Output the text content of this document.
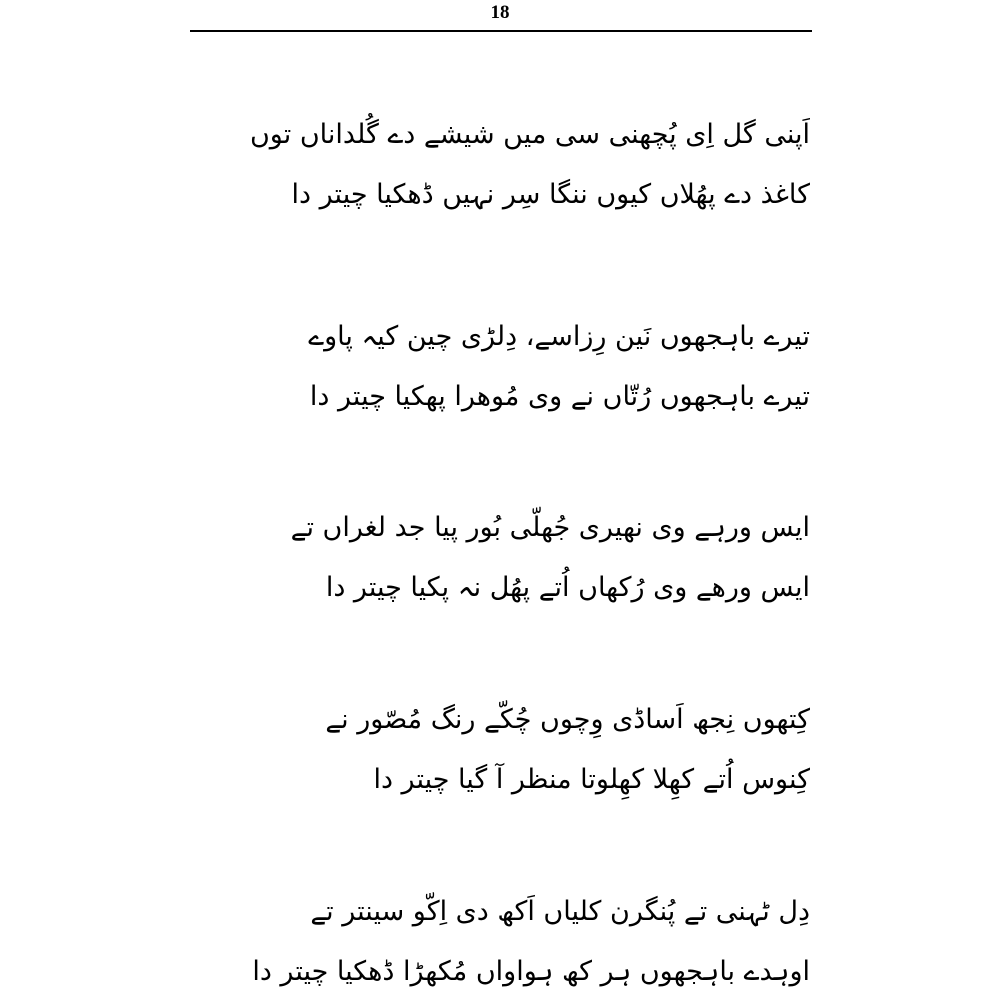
18
اَپنی گل اِی پُچھنی سی میں شیشے دے گُلداناں توں
کاغذ دے پھُلاں کیوں ننگا سِر نہیں ڈھکیا چیتر دا
تیرے باہجھوں نَین رِزاسے، دِلڑی چین کیہ پاوے
تیرے باہجھوں رُتّاں نے وی مُوھرا پھکیا چیتر دا
ایس ورہے وی نھیری جُھلّی بُور پیا جد لغراں تے
ایس ورھے وی رُکھاں اُتے پھُل نہ پکیا چیتر دا
کِتھوں نِجھ اَساڈی وِچوں چُکّے رنگ مُصّور نے
کِنوس اُتے کھِلا کھِلوتا منظر آ گیا چیتر دا
دِل ٹہنی تے پُنگرن کلیاں اَکھ دی اِکّو سینتر تے
اوہدے باہجھوں ہر کھ ہواواں مُکھڑا ڈھکیا چیتر دا
